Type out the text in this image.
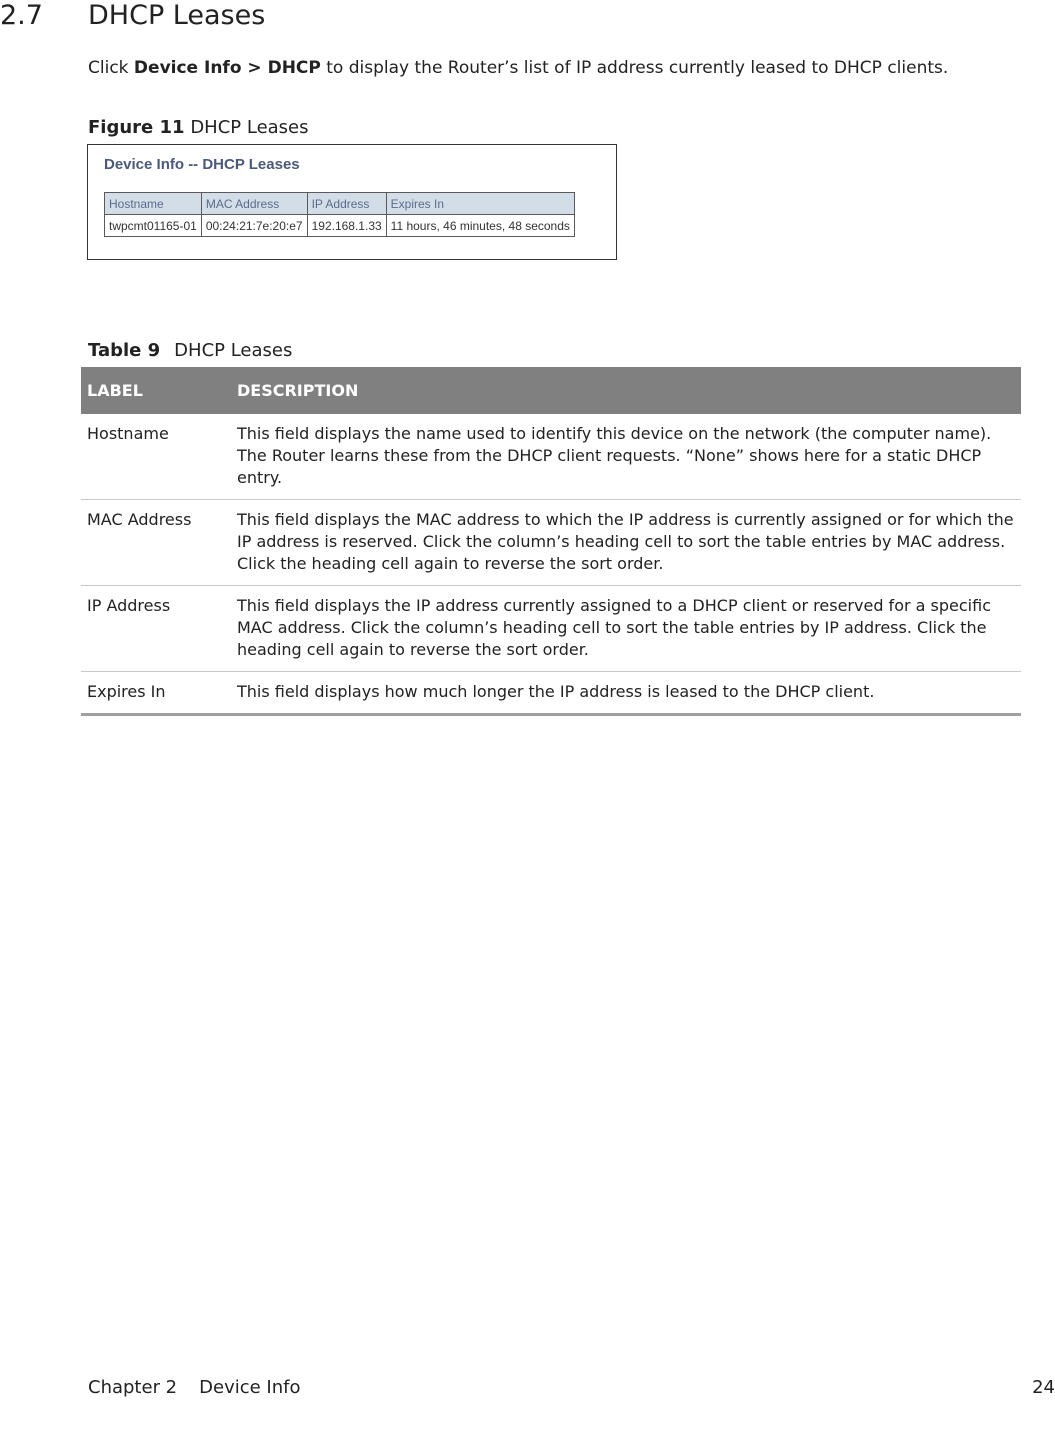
2.7 DHCP Leases

Click Device Info > DHCP to display the Router’s list of IP address currently leased to DHCP clients.

Figure 11 DHCP Leases
Device Info -- DHCP Leases
Hostname	MAC Address	IP Address	Expires In
twpcmt01165-01	00:24:21:7e:20:e7	192.168.1.33	11 hours, 46 minutes, 48 seconds
Table 9 DHCP Leases
LABEL	DESCRIPTION
Hostname	This field displays the name used to identify this device on the network (the computer name). The Router learns these from the DHCP client requests. “None” shows here for a static DHCP entry.
MAC Address	This field displays the MAC address to which the IP address is currently assigned or for which the IP address is reserved. Click the column’s heading cell to sort the table entries by MAC address. Click the heading cell again to reverse the sort order.
IP Address	This field displays the IP address currently assigned to a DHCP client or reserved for a specific MAC address. Click the column’s heading cell to sort the table entries by IP address. Click the heading cell again to reverse the sort order.
Expires In	This field displays how much longer the IP address is leased to the DHCP client.
Chapter 2 Device Info	24
